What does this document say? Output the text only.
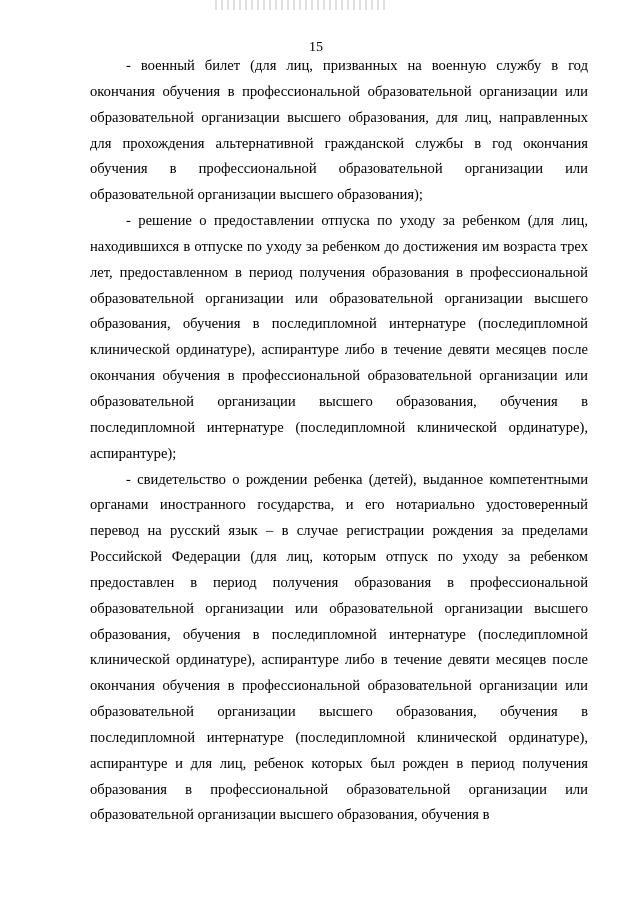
15

- военный билет (для лиц, призванных на военную службу в год окончания обучения в профессиональной образовательной организации или образовательной организации высшего образования, для лиц, направленных для прохождения альтернативной гражданской службы в год окончания обучения в профессиональной образовательной организации или образовательной организации высшего образования);

- решение о предоставлении отпуска по уходу за ребенком (для лиц, находившихся в отпуске по уходу за ребенком до достижения им возраста трех лет, предоставленном в период получения образования в профессиональной образовательной организации или образовательной организации высшего образования, обучения в последипломной интернатуре (последипломной клинической ординатуре), аспирантуре либо в течение девяти месяцев после окончания обучения в профессиональной образовательной организации или образовательной организации высшего образования, обучения в последипломной интернатуре (последипломной клинической ординатуре), аспирантуре);

- свидетельство о рождении ребенка (детей), выданное компетентными органами иностранного государства, и его нотариально удостоверенный перевод на русский язык – в случае регистрации рождения за пределами Российской Федерации (для лиц, которым отпуск по уходу за ребенком предоставлен в период получения образования в профессиональной образовательной организации или образовательной организации высшего образования, обучения в последипломной интернатуре (последипломной клинической ординатуре), аспирантуре либо в течение девяти месяцев после окончания обучения в профессиональной образовательной организации или образовательной организации высшего образования, обучения в последипломной интернатуре (последипломной клинической ординатуре), аспирантуре и для лиц, ребенок которых был рожден в период получения образования в профессиональной образовательной организации или образовательной организации высшего образования, обучения в
